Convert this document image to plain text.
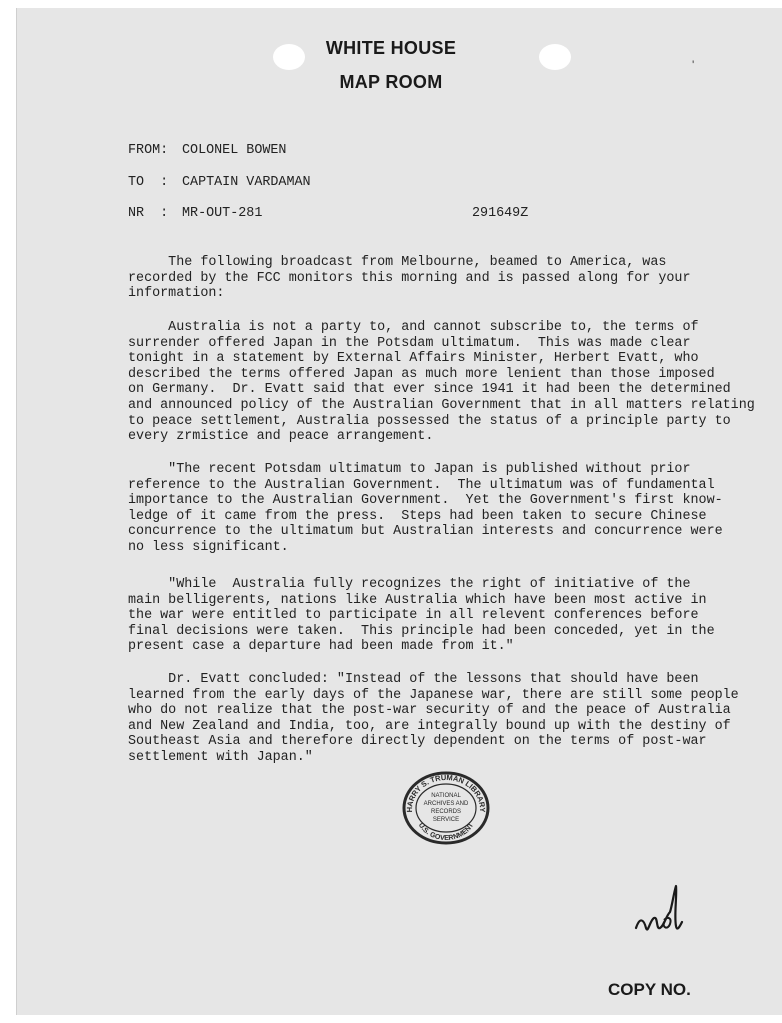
WHITE HOUSE
MAP ROOM
'
FROM: COLONEL BOWEN
TO  : CAPTAIN VARDAMAN
NR  : MR-OUT-281	291649Z
The following broadcast from Melbourne, beamed to America, was
recorded by the FCC monitors this morning and is passed along for your
information:
Australia is not a party to, and cannot subscribe to, the terms of
surrender offered Japan in the Potsdam ultimatum.  This was made clear
tonight in a statement by External Affairs Minister, Herbert Evatt, who
described the terms offered Japan as much more lenient than those imposed
on Germany.  Dr. Evatt said that ever since 1941 it had been the determined
and announced policy of the Australian Government that in all matters relating
to peace settlement, Australia possessed the status of a principle party to
every zrmistice and peace arrangement.
"The recent Potsdam ultimatum to Japan is published without prior
reference to the Australian Government.  The ultimatum was of fundamental
importance to the Australian Government.  Yet the Government's first know-
ledge of it came from the press.  Steps had been taken to secure Chinese
concurrence to the ultimatum but Australian interests and concurrence were
no less significant.
"While  Australia fully recognizes the right of initiative of the
main belligerents, nations like Australia which have been most active in
the war were entitled to participate in all relevent conferences before
final decisions were taken.  This principle had been conceded, yet in the
present case a departure had been made from it."
Dr. Evatt concluded: "Instead of the lessons that should have been
learned from the early days of the Japanese war, there are still some people
who do not realize that the post-war security of and the peace of Australia
and New Zealand and India, too, are integrally bound up with the destiny of
Southeast Asia and therefore directly dependent on the terms of post-war
settlement with Japan."
HARRY S. TRUMAN LIBRARY
NATIONAL
ARCHIVES AND
RECORDS
SERVICE
U.S. GOVERNMENT
COPY NO.
